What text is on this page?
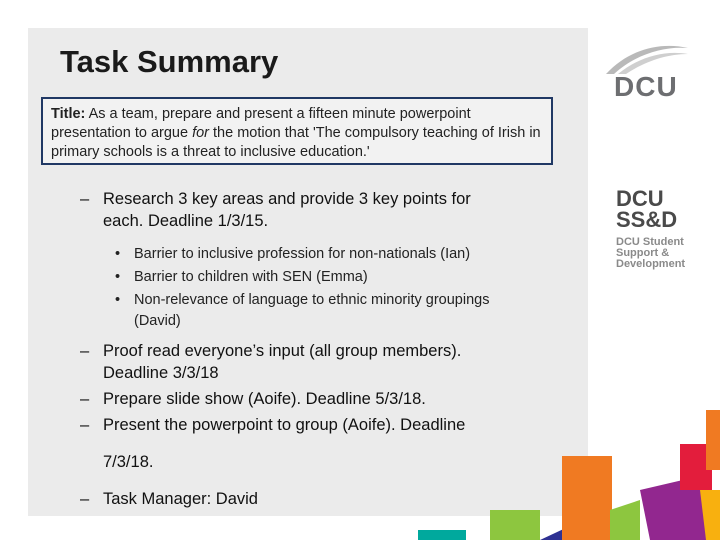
Task Summary
Title: As a team, prepare and present a fifteen minute powerpoint presentation to argue for the motion that 'The compulsory teaching of Irish in primary schools is a threat to inclusive education.'
– Research 3 key areas and provide 3 key points for
each. Deadline 1/3/15.
• Barrier to inclusive profession for non-nationals (Ian)
• Barrier to children with SEN (Emma)
• Non-relevance of language to ethnic minority groupings
(David)
– Proof read everyone’s input (all group members).
Deadline 3/3/18
– Prepare slide show (Aoife). Deadline 5/3/18.
– Present the powerpoint to group (Aoife). Deadline
7/3/18.
– Task Manager: David
DCU
DCU
SS&D
DCU Student
Support &
Development
